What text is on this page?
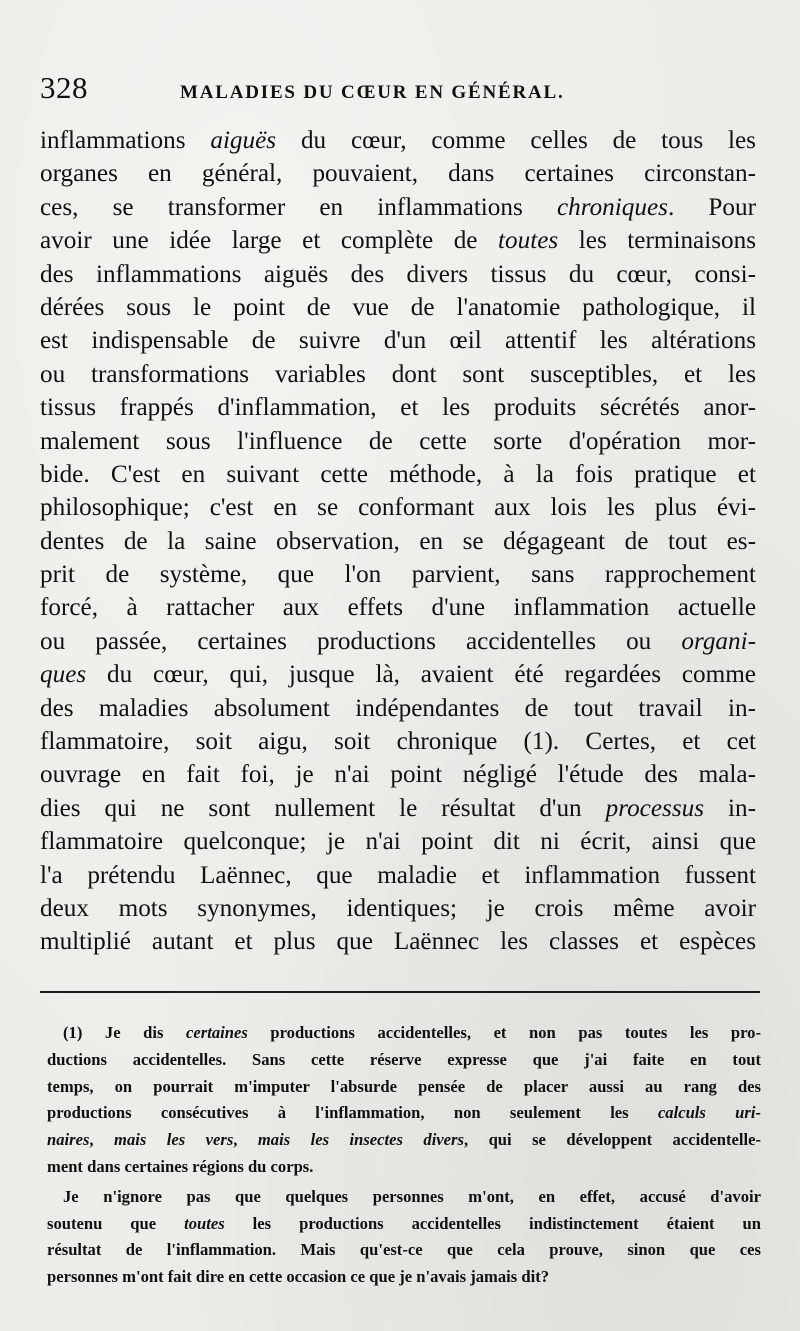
328	MALADIES DU CŒUR EN GÉNÉRAL.
inflammations aiguës du cœur, comme celles de tous les
organes en général, pouvaient, dans certaines circonstan-
ces, se transformer en inflammations chroniques. Pour
avoir une idée large et complète de toutes les terminaisons
des inflammations aiguës des divers tissus du cœur, consi-
dérées sous le point de vue de l'anatomie pathologique, il
est indispensable de suivre d'un œil attentif les altérations
ou transformations variables dont sont susceptibles, et les
tissus frappés d'inflammation, et les produits sécrétés anor-
malement sous l'influence de cette sorte d'opération mor-
bide. C'est en suivant cette méthode, à la fois pratique et
philosophique; c'est en se conformant aux lois les plus évi-
dentes de la saine observation, en se dégageant de tout es-
prit de système, que l'on parvient, sans rapprochement
forcé, à rattacher aux effets d'une inflammation actuelle
ou passée, certaines productions accidentelles ou organi-
ques du cœur, qui, jusque là, avaient été regardées comme
des maladies absolument indépendantes de tout travail in-
flammatoire, soit aigu, soit chronique (1). Certes, et cet
ouvrage en fait foi, je n'ai point négligé l'étude des mala-
dies qui ne sont nullement le résultat d'un processus in-
flammatoire quelconque; je n'ai point dit ni écrit, ainsi que
l'a prétendu Laënnec, que maladie et inflammation fussent
deux mots synonymes, identiques; je crois même avoir
multiplié autant et plus que Laënnec les classes et espèces
(1) Je dis certaines productions accidentelles, et non pas toutes les pro-
ductions accidentelles. Sans cette réserve expresse que j'ai faite en tout
temps, on pourrait m'imputer l'absurde pensée de placer aussi au rang des
productions consécutives à l'inflammation, non seulement les calculs uri-
naires, mais les vers, mais les insectes divers, qui se développent accidentelle-
ment dans certaines régions du corps.
Je n'ignore pas que quelques personnes m'ont, en effet, accusé d'avoir
soutenu que toutes les productions accidentelles indistinctement étaient un
résultat de l'inflammation. Mais qu'est-ce que cela prouve, sinon que ces
personnes m'ont fait dire en cette occasion ce que je n'avais jamais dit?
